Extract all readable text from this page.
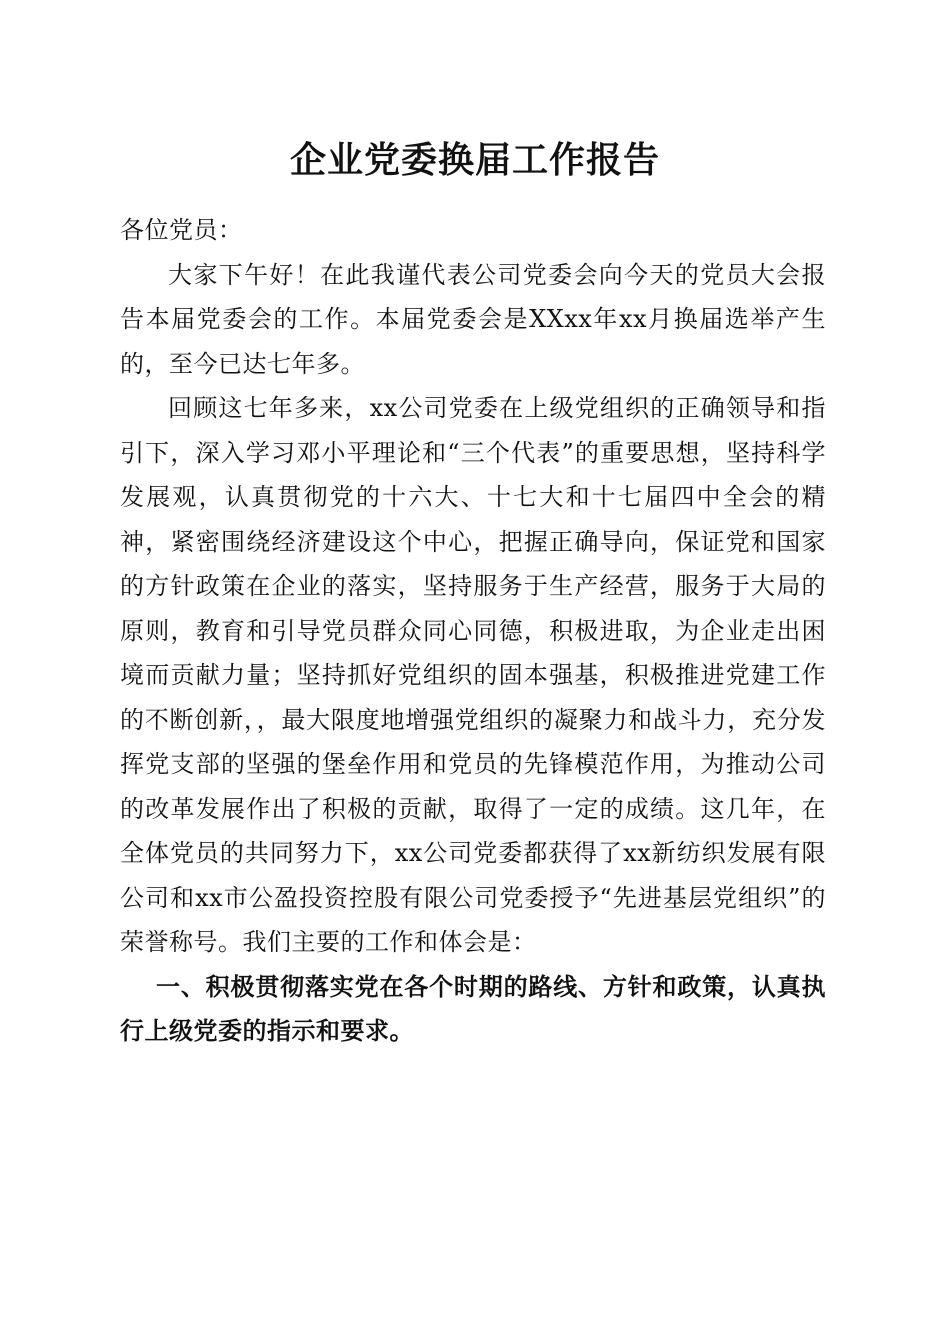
企业党委换届工作报告

各位党员：

大家下午好！在此我谨代表公司党委会向今天的党员大会报告本届党委会的工作。本届党委会是XXxx年xx月换届选举产生的，至今已达七年多。

回顾这七年多来，xx公司党委在上级党组织的正确领导和指引下，深入学习邓小平理论和“三个代表”的重要思想，坚持科学发展观，认真贯彻党的十六大、十七大和十七届四中全会的精神，紧密围绕经济建设这个中心，把握正确导向，保证党和国家的方针政策在企业的落实，坚持服务于生产经营，服务于大局的原则，教育和引导党员群众同心同德，积极进取，为企业走出困境而贡献力量；坚持抓好党组织的固本强基，积极推进党建工作的不断创新，，最大限度地增强党组织的凝聚力和战斗力，充分发挥党支部的坚强的堡垒作用和党员的先锋模范作用，为推动公司的改革发展作出了积极的贡献，取得了一定的成绩。这几年，在全体党员的共同努力下，xx公司党委都获得了xx新纺织发展有限公司和xx市公盈投资控股有限公司党委授予“先进基层党组织”的荣誉称号。我们主要的工作和体会是：

一、积极贯彻落实党在各个时期的路线、方针和政策，认真执行上级党委的指示和要求。
